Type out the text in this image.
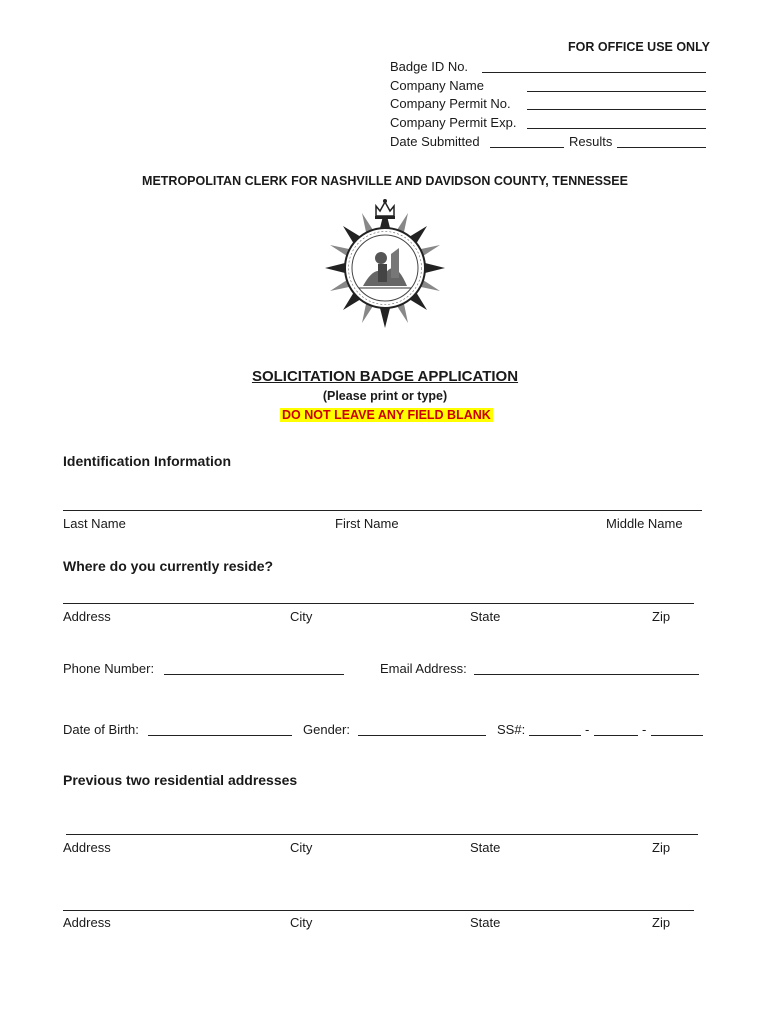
FOR OFFICE USE ONLY
Badge ID No.
Company Name
Company Permit No.
Company Permit Exp.
Date Submitted	Results
METROPOLITAN CLERK FOR NASHVILLE AND DAVIDSON COUNTY, TENNESSEE
SOLICITATION BADGE APPLICATION
(Please print or type)
DO NOT LEAVE ANY FIELD BLANK
Identification Information
Last Name	First Name	Middle Name
Where do you currently reside?
Address	City	State	Zip
Phone Number:	Email Address:
Date of Birth:	Gender:	SS#:	-	-
Previous two residential addresses
Address	City	State	Zip
Address	City	State	Zip
